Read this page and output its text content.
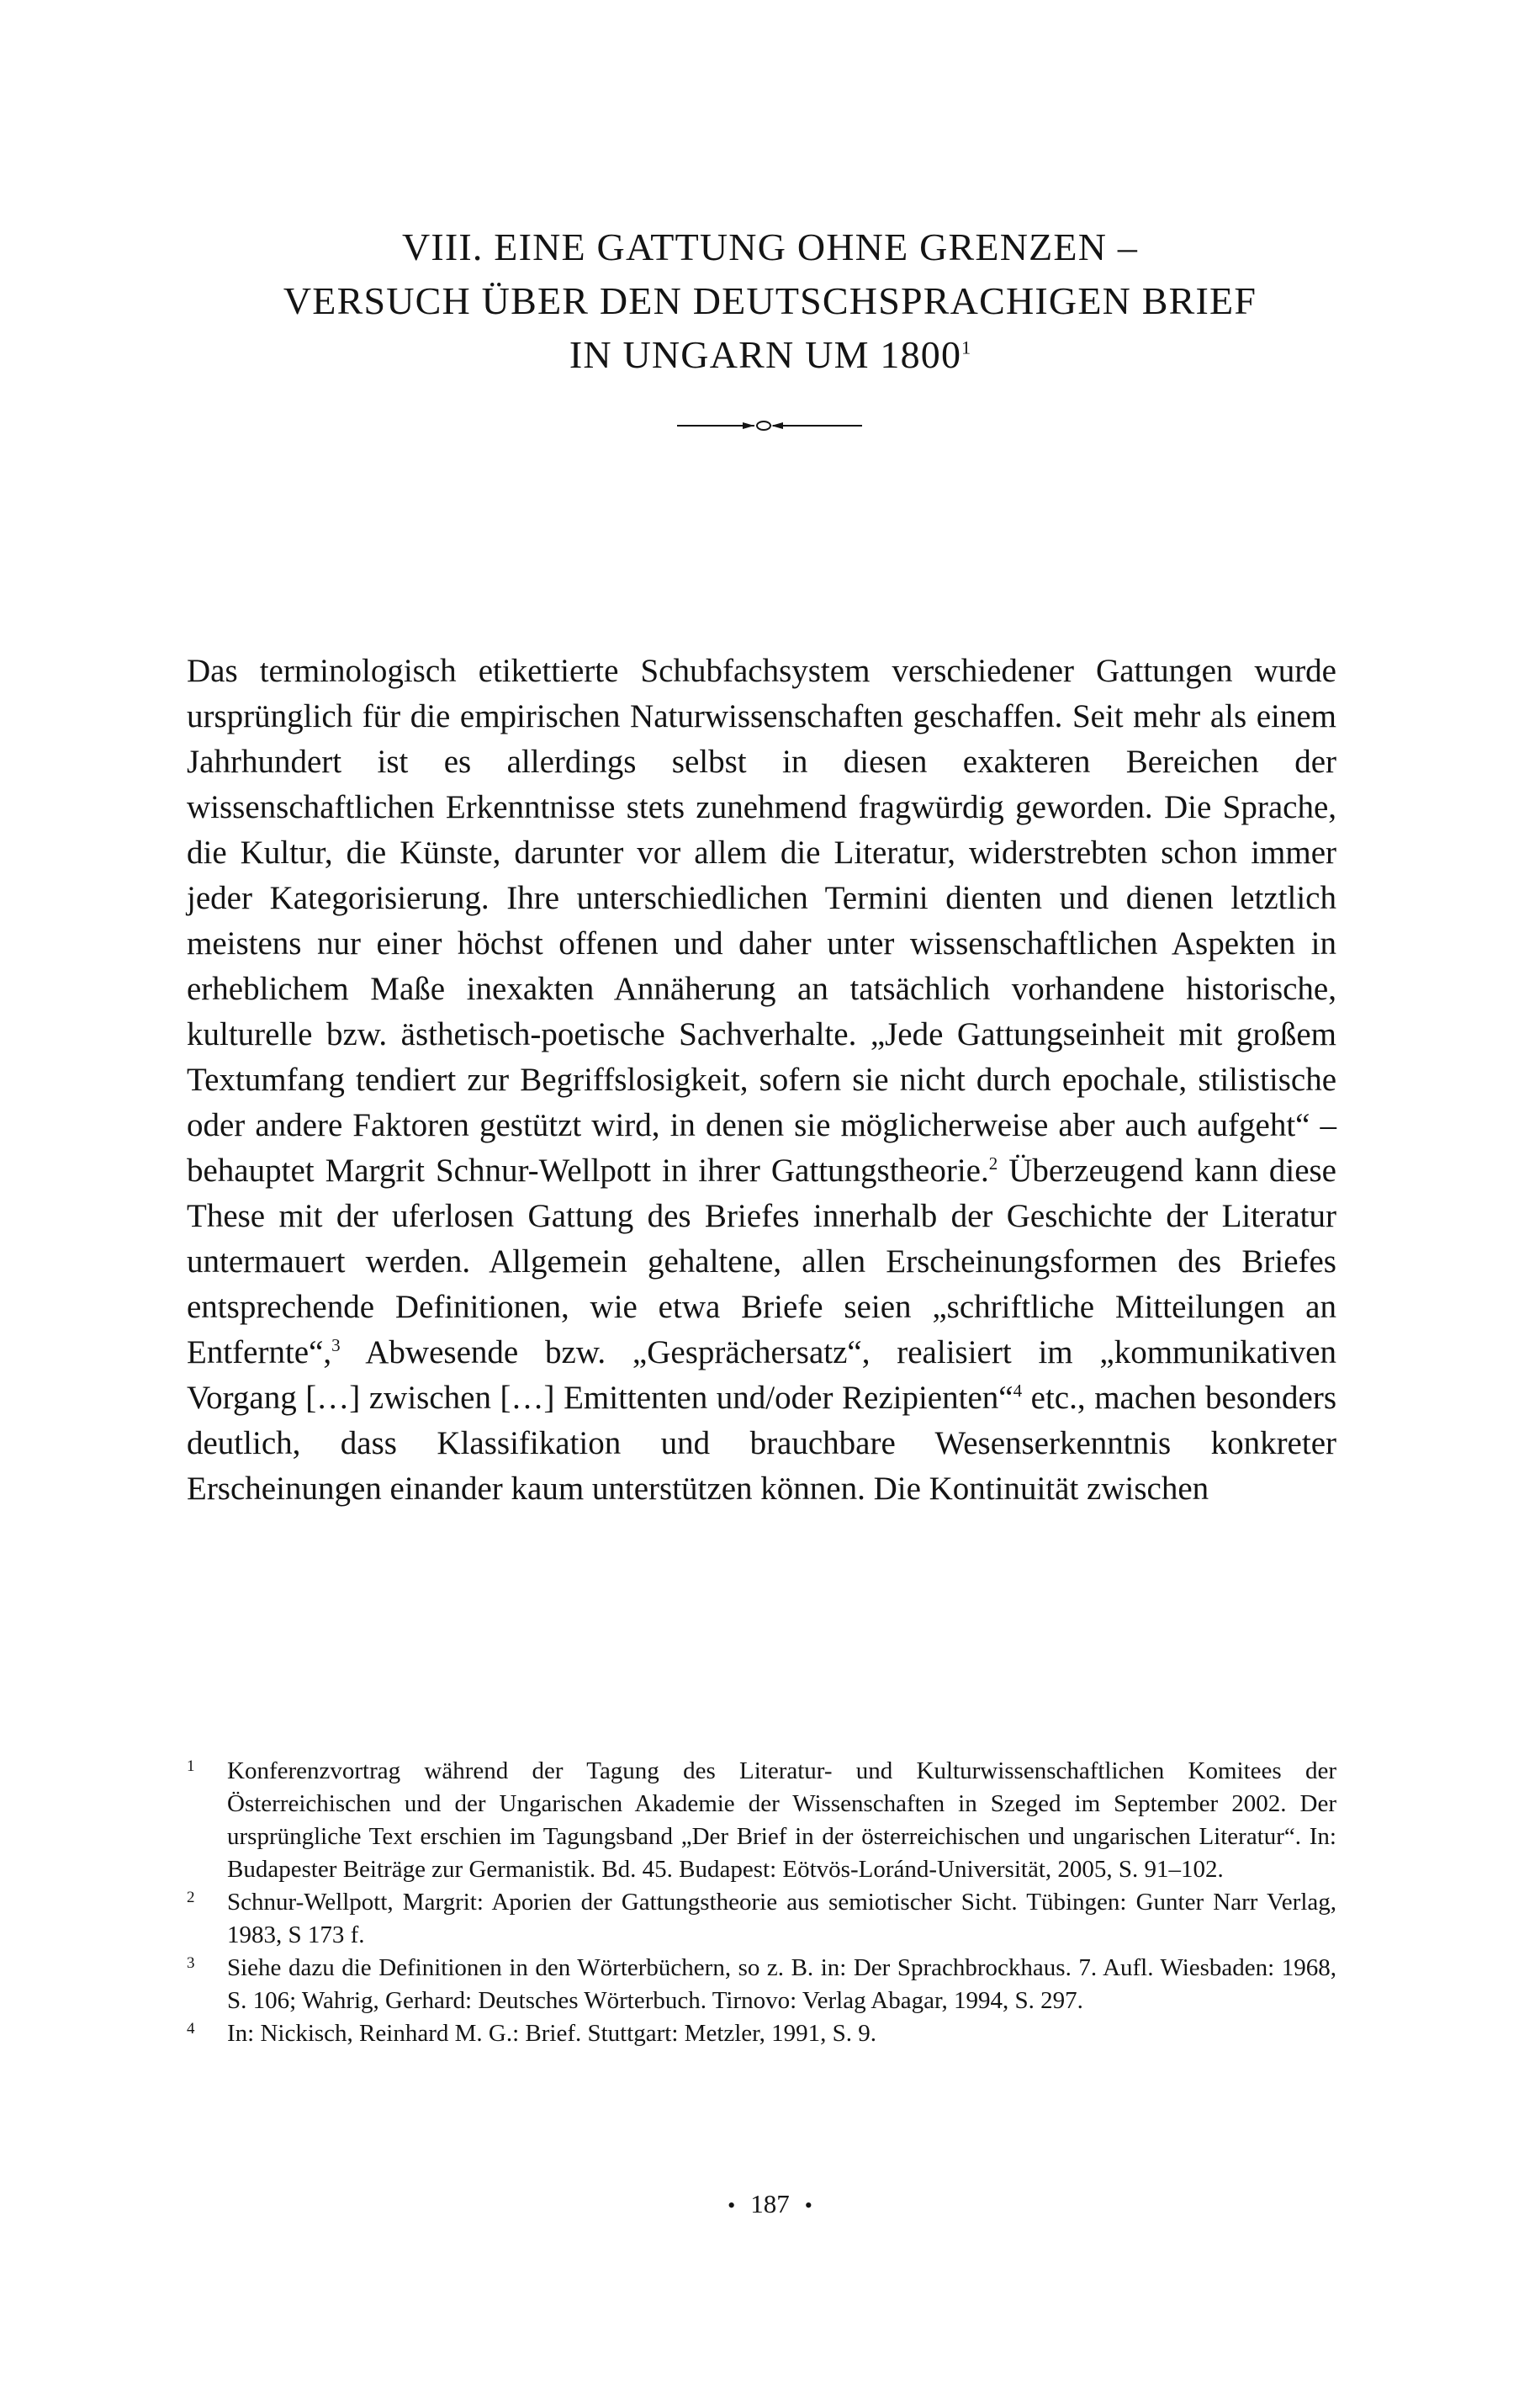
VIII. EINE GATTUNG OHNE GRENZEN –
VERSUCH ÜBER DEN DEUTSCHSPRACHIGEN BRIEF
IN UNGARN UM 1800$^1$
Das terminologisch etikettierte Schubfachsystem verschiedener Gattungen wurde ursprünglich für die empirischen Naturwissenschaften geschaffen. Seit mehr als einem Jahrhundert ist es allerdings selbst in diesen exakteren Bereichen der wissenschaftlichen Erkenntnisse stets zunehmend fragwürdig geworden. Die Sprache, die Kultur, die Künste, darunter vor allem die Literatur, widerstrebten schon immer jeder Kategorisierung. Ihre unterschiedlichen Termini dienten und dienen letztlich meistens nur einer höchst offenen und daher unter wissenschaftlichen Aspekten in erheblichem Maße inexakten Annäherung an tatsächlich vorhandene historische, kulturelle bzw. ästhetisch-poetische Sachverhalte. „Jede Gattungseinheit mit großem Textumfang tendiert zur Begriffslosigkeit, sofern sie nicht durch epochale, stilistische oder andere Faktoren gestützt wird, in denen sie möglicherweise aber auch aufgeht“ – behauptet Margrit Schnur-Wellpott in ihrer Gattungstheorie.$^2$ Überzeugend kann diese These mit der uferlosen Gattung des Briefes innerhalb der Geschichte der Literatur untermauert werden. Allgemein gehaltene, allen Erscheinungsformen des Briefes entsprechende Definitionen, wie etwa Briefe seien „schriftliche Mitteilungen an Entfernte“,$^3$ Abwesende bzw. „Gesprächersatz“, realisiert im „kommunikativen Vorgang […] zwischen […] Emittenten und/oder Rezipienten“$^4$ etc., machen besonders deutlich, dass Klassifikation und brauchbare Wesenserkenntnis konkreter Erscheinungen einander kaum unterstützen können. Die Kontinuität zwischen
1 Konferenzvortrag während der Tagung des Literatur- und Kulturwissenschaftlichen Komitees der Österreichischen und der Ungarischen Akademie der Wissenschaften in Szeged im September 2002. Der ursprüngliche Text erschien im Tagungsband „Der Brief in der österreichischen und ungarischen Literatur“. In: Budapester Beiträge zur Germanistik. Bd. 45. Budapest: Eötvös-Loránd-Universität, 2005, S. 91–102.
2 Schnur-Wellpott, Margrit: Aporien der Gattungstheorie aus semiotischer Sicht. Tübingen: Gunter Narr Verlag, 1983, S 173 f.
3 Siehe dazu die Definitionen in den Wörterbüchern, so z. B. in: Der Sprachbrockhaus. 7. Aufl. Wiesbaden: 1968, S. 106; Wahrig, Gerhard: Deutsches Wörterbuch. Tirnovo: Verlag Abagar, 1994, S. 297.
4 In: Nickisch, Reinhard M. G.: Brief. Stuttgart: Metzler, 1991, S. 9.
• 187 •
